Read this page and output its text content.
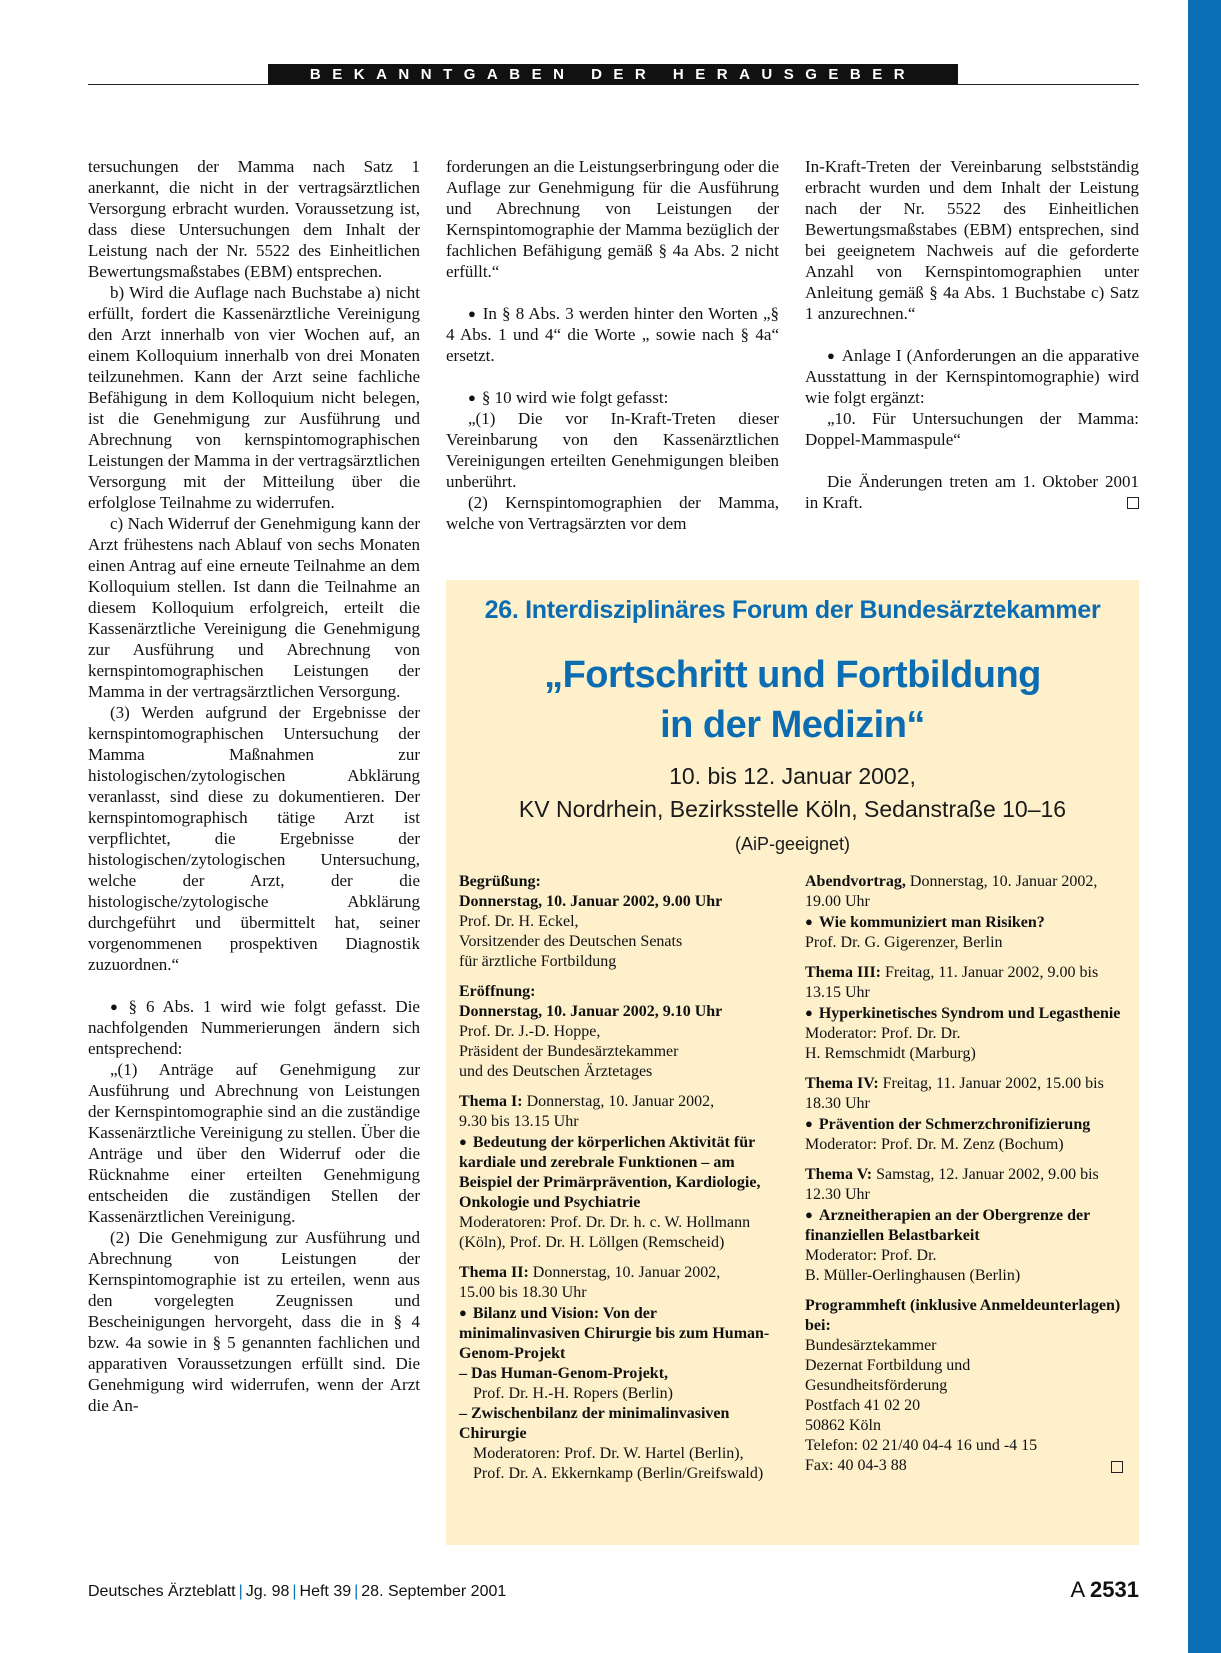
BEKANNTGABEN DER HERAUSGEBER

tersuchungen der Mamma nach Satz 1 anerkannt, die nicht in der vertragsärztlichen Versorgung erbracht wurden. Voraussetzung ist, dass diese Untersuchungen dem Inhalt der Leistung nach der Nr. 5522 des Einheitlichen Bewertungsmaßstabes (EBM) entsprechen.

b) Wird die Auflage nach Buchstabe a) nicht erfüllt, fordert die Kassenärztliche Vereinigung den Arzt innerhalb von vier Wochen auf, an einem Kolloquium innerhalb von drei Monaten teilzunehmen. Kann der Arzt seine fachliche Befähigung in dem Kolloquium nicht belegen, ist die Genehmigung zur Ausführung und Abrechnung von kernspintomographischen Leistungen der Mamma in der vertragsärztlichen Versorgung mit der Mitteilung über die erfolglose Teilnahme zu widerrufen.

c) Nach Widerruf der Genehmigung kann der Arzt frühestens nach Ablauf von sechs Monaten einen Antrag auf eine erneute Teilnahme an dem Kolloquium stellen. Ist dann die Teilnahme an diesem Kolloquium erfolgreich, erteilt die Kassenärztliche Vereinigung die Genehmigung zur Ausführung und Abrechnung von kernspintomographischen Leistungen der Mamma in der vertragsärztlichen Versorgung.

(3) Werden aufgrund der Ergebnisse der kernspintomographischen Untersuchung der Mamma Maßnahmen zur histologischen/zytologischen Abklärung veranlasst, sind diese zu dokumentieren. Der kernspintomographisch tätige Arzt ist verpflichtet, die Ergebnisse der histologischen/zytologischen Untersuchung, welche der Arzt, der die histologische/zytologische Abklärung durchgeführt und übermittelt hat, seiner vorgenommenen prospektiven Diagnostik zuzuordnen.“

● § 6 Abs. 1 wird wie folgt gefasst. Die nachfolgenden Nummerierungen ändern sich entsprechend:

„(1) Anträge auf Genehmigung zur Ausführung und Abrechnung von Leistungen der Kernspintomographie sind an die zuständige Kassenärztliche Vereinigung zu stellen. Über die Anträge und über den Widerruf oder die Rücknahme einer erteilten Genehmigung entscheiden die zuständigen Stellen der Kassenärztlichen Vereinigung.

(2) Die Genehmigung zur Ausführung und Abrechnung von Leistungen der Kernspintomographie ist zu erteilen, wenn aus den vorgelegten Zeugnissen und Bescheinigungen hervorgeht, dass die in § 4 bzw. 4a sowie in § 5 genannten fachlichen und apparativen Voraussetzungen erfüllt sind. Die Genehmigung wird widerrufen, wenn der Arzt die An-

forderungen an die Leistungserbringung oder die Auflage zur Genehmigung für die Ausführung und Abrechnung von Leistungen der Kernspintomographie der Mamma bezüglich der fachlichen Befähigung gemäß § 4a Abs. 2 nicht erfüllt.“

● In § 8 Abs. 3 werden hinter den Worten „§ 4 Abs. 1 und 4“ die Worte „ sowie nach § 4a“ ersetzt.

● § 10 wird wie folgt gefasst:

„(1) Die vor In-Kraft-Treten dieser Vereinbarung von den Kassenärztlichen Vereinigungen erteilten Genehmigungen bleiben unberührt.

(2) Kernspintomographien der Mamma, welche von Vertragsärzten vor dem

In-Kraft-Treten der Vereinbarung selbstständig erbracht wurden und dem Inhalt der Leistung nach der Nr. 5522 des Einheitlichen Bewertungsmaßstabes (EBM) entsprechen, sind bei geeignetem Nachweis auf die geforderte Anzahl von Kernspintomographien unter Anleitung gemäß § 4a Abs. 1 Buchstabe c) Satz 1 anzurechnen.“

● Anlage I (Anforderungen an die apparative Ausstattung in der Kernspintomographie) wird wie folgt ergänzt:

„10. Für Untersuchungen der Mamma: Doppel-Mammaspule“

Die Änderungen treten am 1. Oktober 2001 in Kraft.

26. Interdisziplinäres Forum der Bundesärztekammer
„Fortschritt und Fortbildung
in der Medizin“
10. bis 12. Januar 2002,
KV Nordrhein, Bezirksstelle Köln, Sedanstraße 10–16
(AiP-geeignet)

Begrüßung:

Donnerstag, 10. Januar 2002, 9.00 Uhr

Prof. Dr. H. Eckel,

Vorsitzender des Deutschen Senats

für ärztliche Fortbildung

Eröffnung:

Donnerstag, 10. Januar 2002, 9.10 Uhr

Prof. Dr. J.-D. Hoppe,

Präsident der Bundesärztekammer

und des Deutschen Ärztetages

Thema I: Donnerstag, 10. Januar 2002,

9.30 bis 13.15 Uhr

● Bedeutung der körperlichen Aktivität für kardiale und zerebrale Funktionen – am Beispiel der Primärprävention, Kardiologie, Onkologie und Psychiatrie

Moderatoren: Prof. Dr. Dr. h. c. W. Hollmann (Köln), Prof. Dr. H. Löllgen (Remscheid)

Thema II: Donnerstag, 10. Januar 2002,

15.00 bis 18.30 Uhr

● Bilanz und Vision: Von der minimalinvasiven Chirurgie bis zum Human-Genom-Projekt

– Das Human-Genom-Projekt,

Prof. Dr. H.-H. Ropers (Berlin)

– Zwischenbilanz der minimalinvasiven Chirurgie

Moderatoren: Prof. Dr. W. Hartel (Berlin), Prof. Dr. A. Ekkernkamp (Berlin/Greifswald)

Abendvortrag, Donnerstag, 10. Januar 2002, 19.00 Uhr

● Wie kommuniziert man Risiken?

Prof. Dr. G. Gigerenzer, Berlin

Thema III: Freitag, 11. Januar 2002, 9.00 bis 13.15 Uhr

● Hyperkinetisches Syndrom und Legasthenie

Moderator: Prof. Dr. Dr.

H. Remschmidt (Marburg)

Thema IV: Freitag, 11. Januar 2002, 15.00 bis 18.30 Uhr

● Prävention der Schmerzchronifizierung

Moderator: Prof. Dr. M. Zenz (Bochum)

Thema V: Samstag, 12. Januar 2002, 9.00 bis 12.30 Uhr

● Arzneitherapien an der Obergrenze der finanziellen Belastbarkeit

Moderator: Prof. Dr.

B. Müller-Oerlinghausen (Berlin)

Programmheft (inklusive Anmeldeunterlagen) bei:

Bundesärztekammer

Dezernat Fortbildung und

Gesundheitsförderung

Postfach 41 02 20

50862 Köln

Telefon: 02 21/40 04-4 16 und -4 15

Fax: 40 04-3 88

Deutsches Ärzteblatt | Jg. 98 | Heft 39 | 28. September 2001	A 2531
